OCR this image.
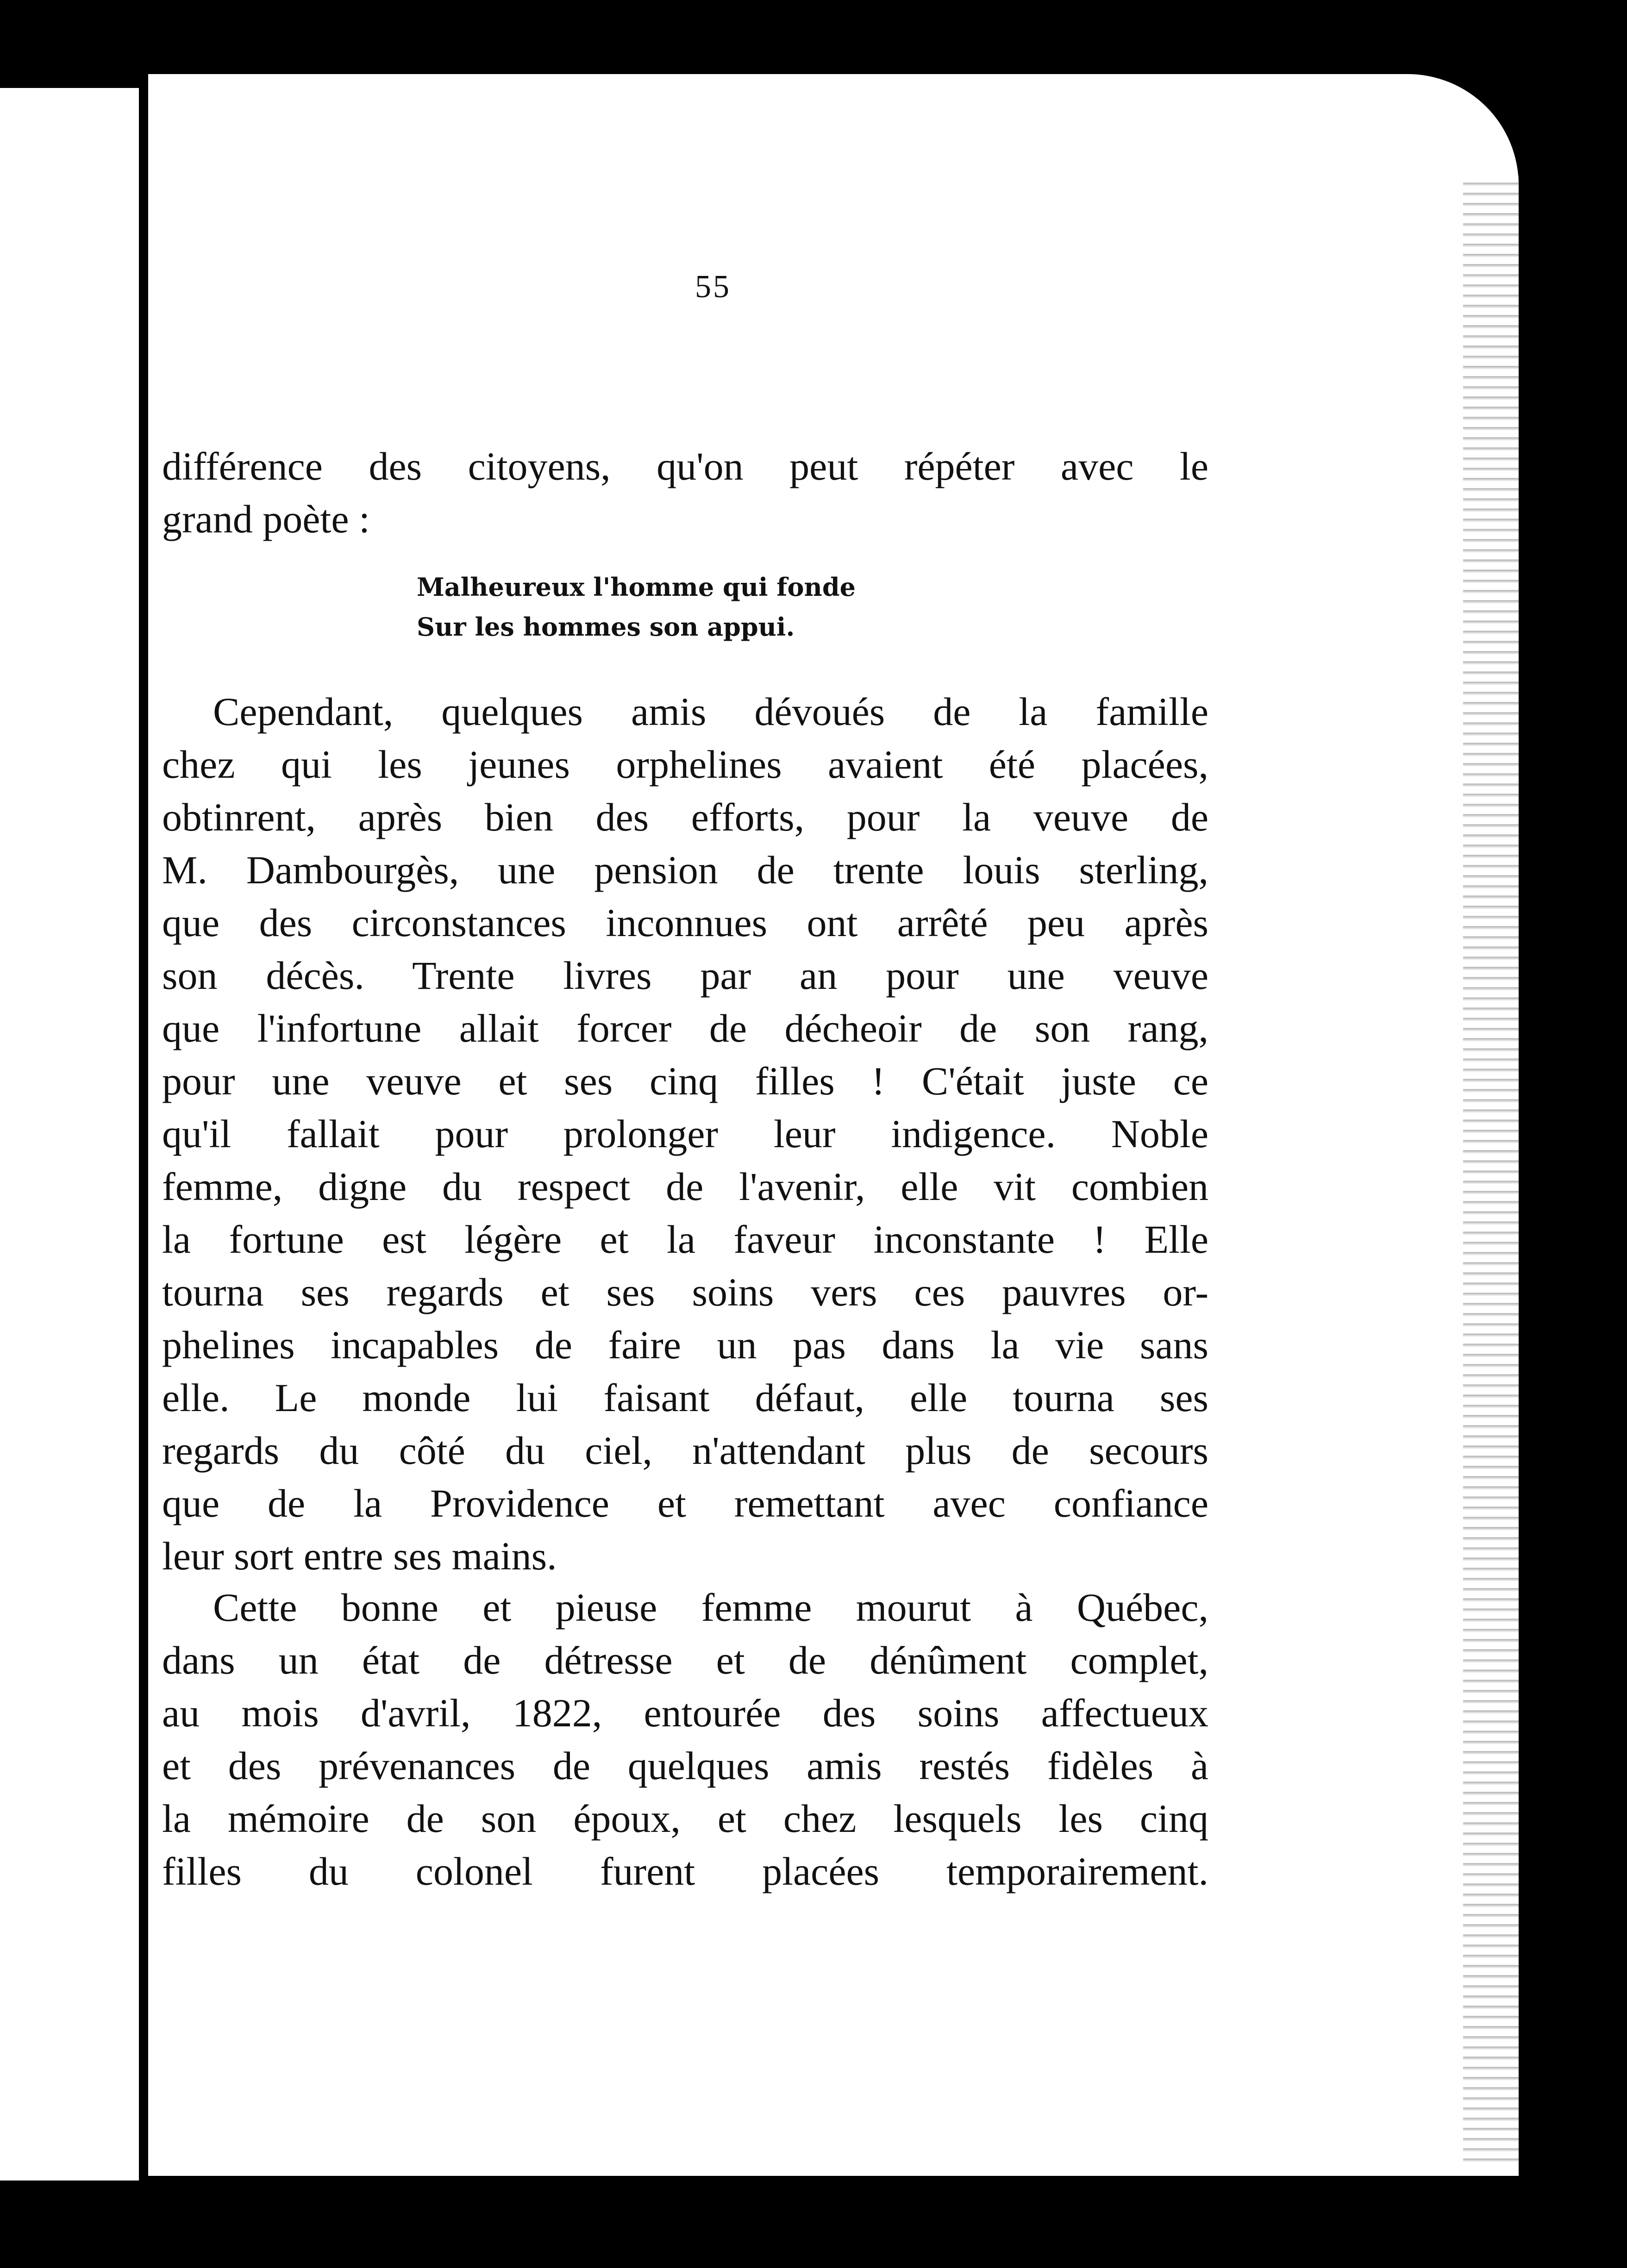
55
différence des citoyens, qu'on peut répéter avec le
grand poète :
Malheureux l'homme qui fonde
Sur les hommes son appui.
Cependant, quelques amis dévoués de la famille
chez qui les jeunes orphelines avaient été placées,
obtinrent, après bien des efforts, pour la veuve de
M. Dambourgès, une pension de trente louis sterling,
que des circonstances inconnues ont arrêté peu après
son décès. Trente livres par an pour une veuve
que l'infortune allait forcer de décheoir de son rang,
pour une veuve et ses cinq filles ! C'était juste ce
qu'il fallait pour prolonger leur indigence. Noble
femme, digne du respect de l'avenir, elle vit combien
la fortune est légère et la faveur inconstante ! Elle
tourna ses regards et ses soins vers ces pauvres or-
phelines incapables de faire un pas dans la vie sans
elle. Le monde lui faisant défaut, elle tourna ses
regards du côté du ciel, n'attendant plus de secours
que de la Providence et remettant avec confiance
leur sort entre ses mains.
Cette bonne et pieuse femme mourut à Québec,
dans un état de détresse et de dénûment complet,
au mois d'avril, 1822, entourée des soins affectueux
et des prévenances de quelques amis restés fidèles à
la mémoire de son époux, et chez lesquels les cinq
filles du colonel furent placées temporairement.
